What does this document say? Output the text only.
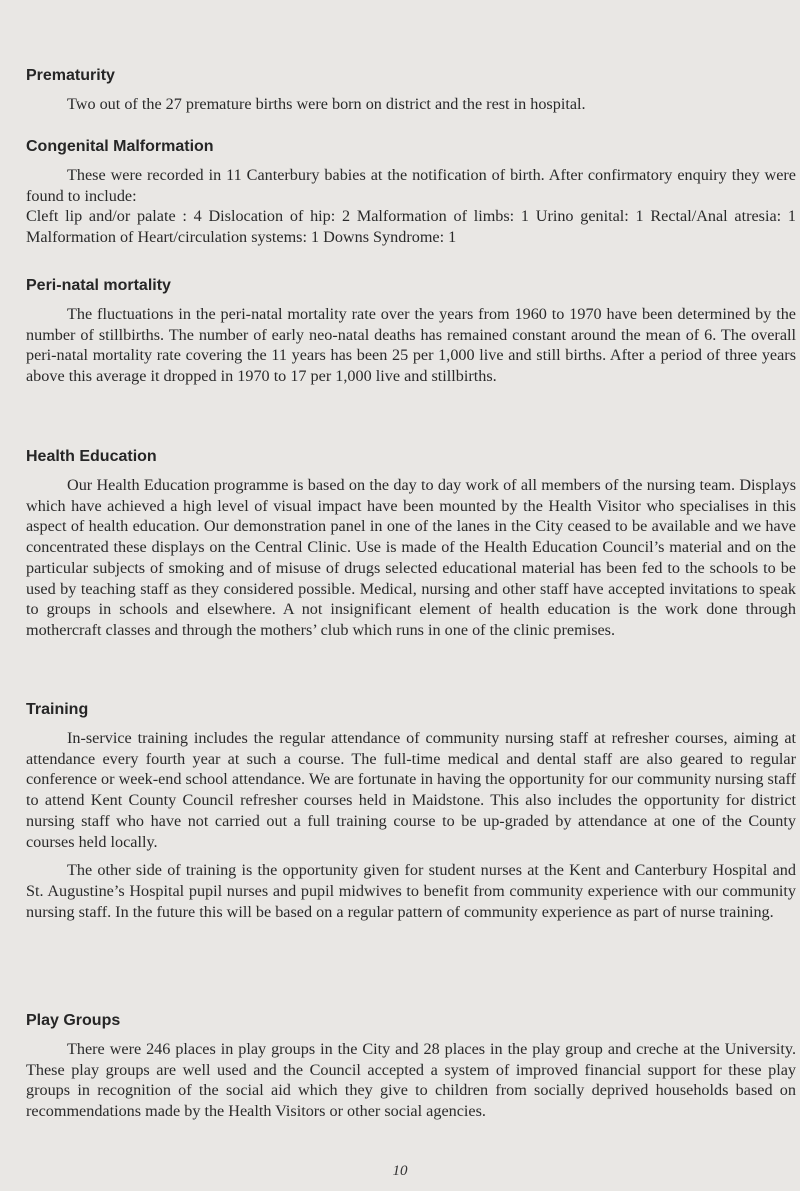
Prematurity

Two out of the 27 premature births were born on district and the rest in hospital.

Congenital Malformation

These were recorded in 11 Canterbury babies at the notification of birth. After confirmatory enquiry they were found to include:

Cleft lip and/or palate : 4 Dislocation of hip: 2 Malformation of limbs: 1 Urino genital: 1 Rectal/Anal atresia: 1 Malformation of Heart/circulation systems: 1 Downs Syndrome: 1

Peri-natal mortality

The fluctuations in the peri-natal mortality rate over the years from 1960 to 1970 have been determined by the number of stillbirths. The number of early neo-natal deaths has remained constant around the mean of 6. The overall peri-natal mortality rate covering the 11 years has been 25 per 1,000 live and still births. After a period of three years above this average it dropped in 1970 to 17 per 1,000 live and stillbirths.

Health Education

Our Health Education programme is based on the day to day work of all members of the nursing team. Displays which have achieved a high level of visual impact have been mounted by the Health Visitor who specialises in this aspect of health education. Our demonstration panel in one of the lanes in the City ceased to be available and we have concentrated these displays on the Central Clinic. Use is made of the Health Education Council’s material and on the particular subjects of smoking and of misuse of drugs selected educational material has been fed to the schools to be used by teaching staff as they considered possible. Medical, nursing and other staff have accepted invitations to speak to groups in schools and elsewhere. A not insignificant element of health education is the work done through mothercraft classes and through the mothers’ club which runs in one of the clinic premises.

Training

In-service training includes the regular attendance of community nursing staff at refresher courses, aiming at attendance every fourth year at such a course. The full-time medical and dental staff are also geared to regular conference or week-end school attendance. We are fortunate in having the opportunity for our community nursing staff to attend Kent County Council refresher courses held in Maidstone. This also includes the opportunity for district nursing staff who have not carried out a full training course to be up-graded by attendance at one of the County courses held locally.

The other side of training is the opportunity given for student nurses at the Kent and Canterbury Hospital and St. Augustine’s Hospital pupil nurses and pupil midwives to benefit from community experience with our community nursing staff. In the future this will be based on a regular pattern of community experience as part of nurse training.

Play Groups

There were 246 places in play groups in the City and 28 places in the play group and creche at the University. These play groups are well used and the Council accepted a system of improved financial support for these play groups in recognition of the social aid which they give to children from socially deprived households based on recommendations made by the Health Visitors or other social agencies.

10
